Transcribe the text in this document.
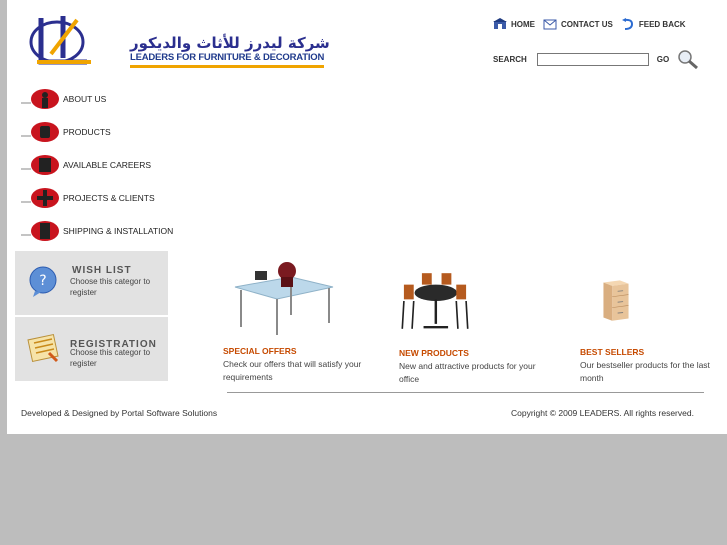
شركة ليدرز للأثاث والديكور
LEADERS FOR FURNITURE & DECORATION
HOME	CONTACT US	FEED BACK
SEARCH	GO
ABOUT US
PRODUCTS
AVAILABLE CAREERS
PROJECTS & CLIENTS
SHIPPING & INSTALLATION
?
WISH LIST
Choose this categor to register
REGISTRATION
Choose this categor to register
SPECIAL OFFERS
Check our offers that will satisfy your requirements
NEW PRODUCTS
New and attractive products for your office
BEST SELLERS
Our bestseller products for the last month
Developed & Designed by Portal Software Solutions	Copyright © 2009 LEADERS. All rights reserved.
